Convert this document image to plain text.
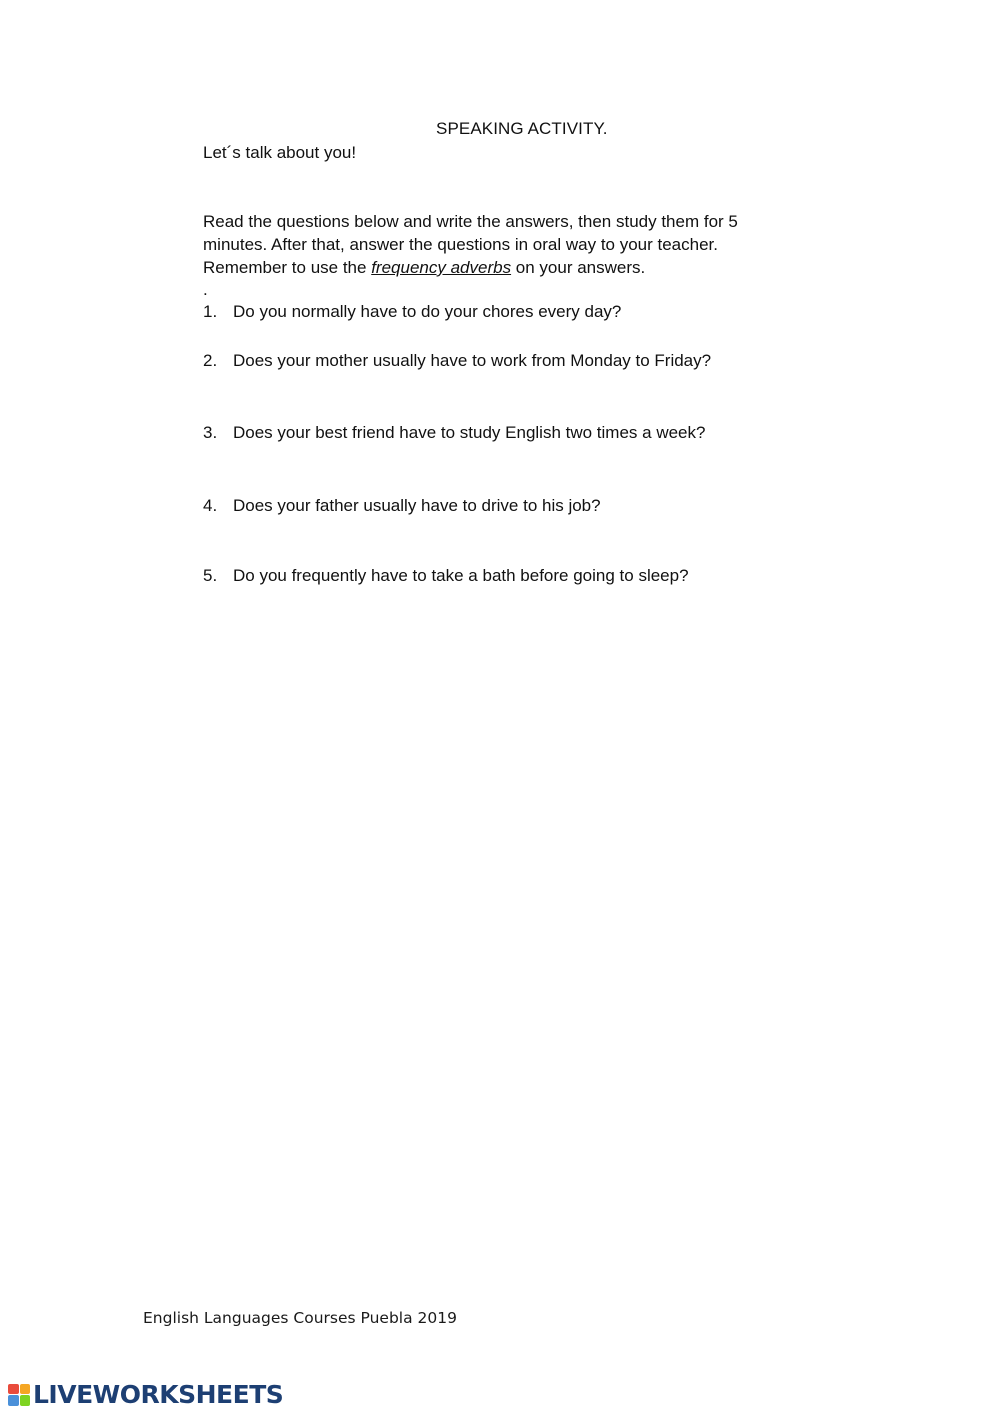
SPEAKING ACTIVITY.
Let´s talk about you!
Read the questions below and write the answers, then study them for 5
minutes. After that, answer the questions in oral way to your teacher.
Remember to use the frequency adverbs on your answers.
.
1. Do you normally have to do your chores every day?
2. Does your mother usually have to work from Monday to Friday?
3. Does your best friend have to study English two times a week?
4. Does your father usually have to drive to his job?
5. Do you frequently have to take a bath before going to sleep?
English Languages Courses Puebla 2019
LIVEWORKSHEETS
